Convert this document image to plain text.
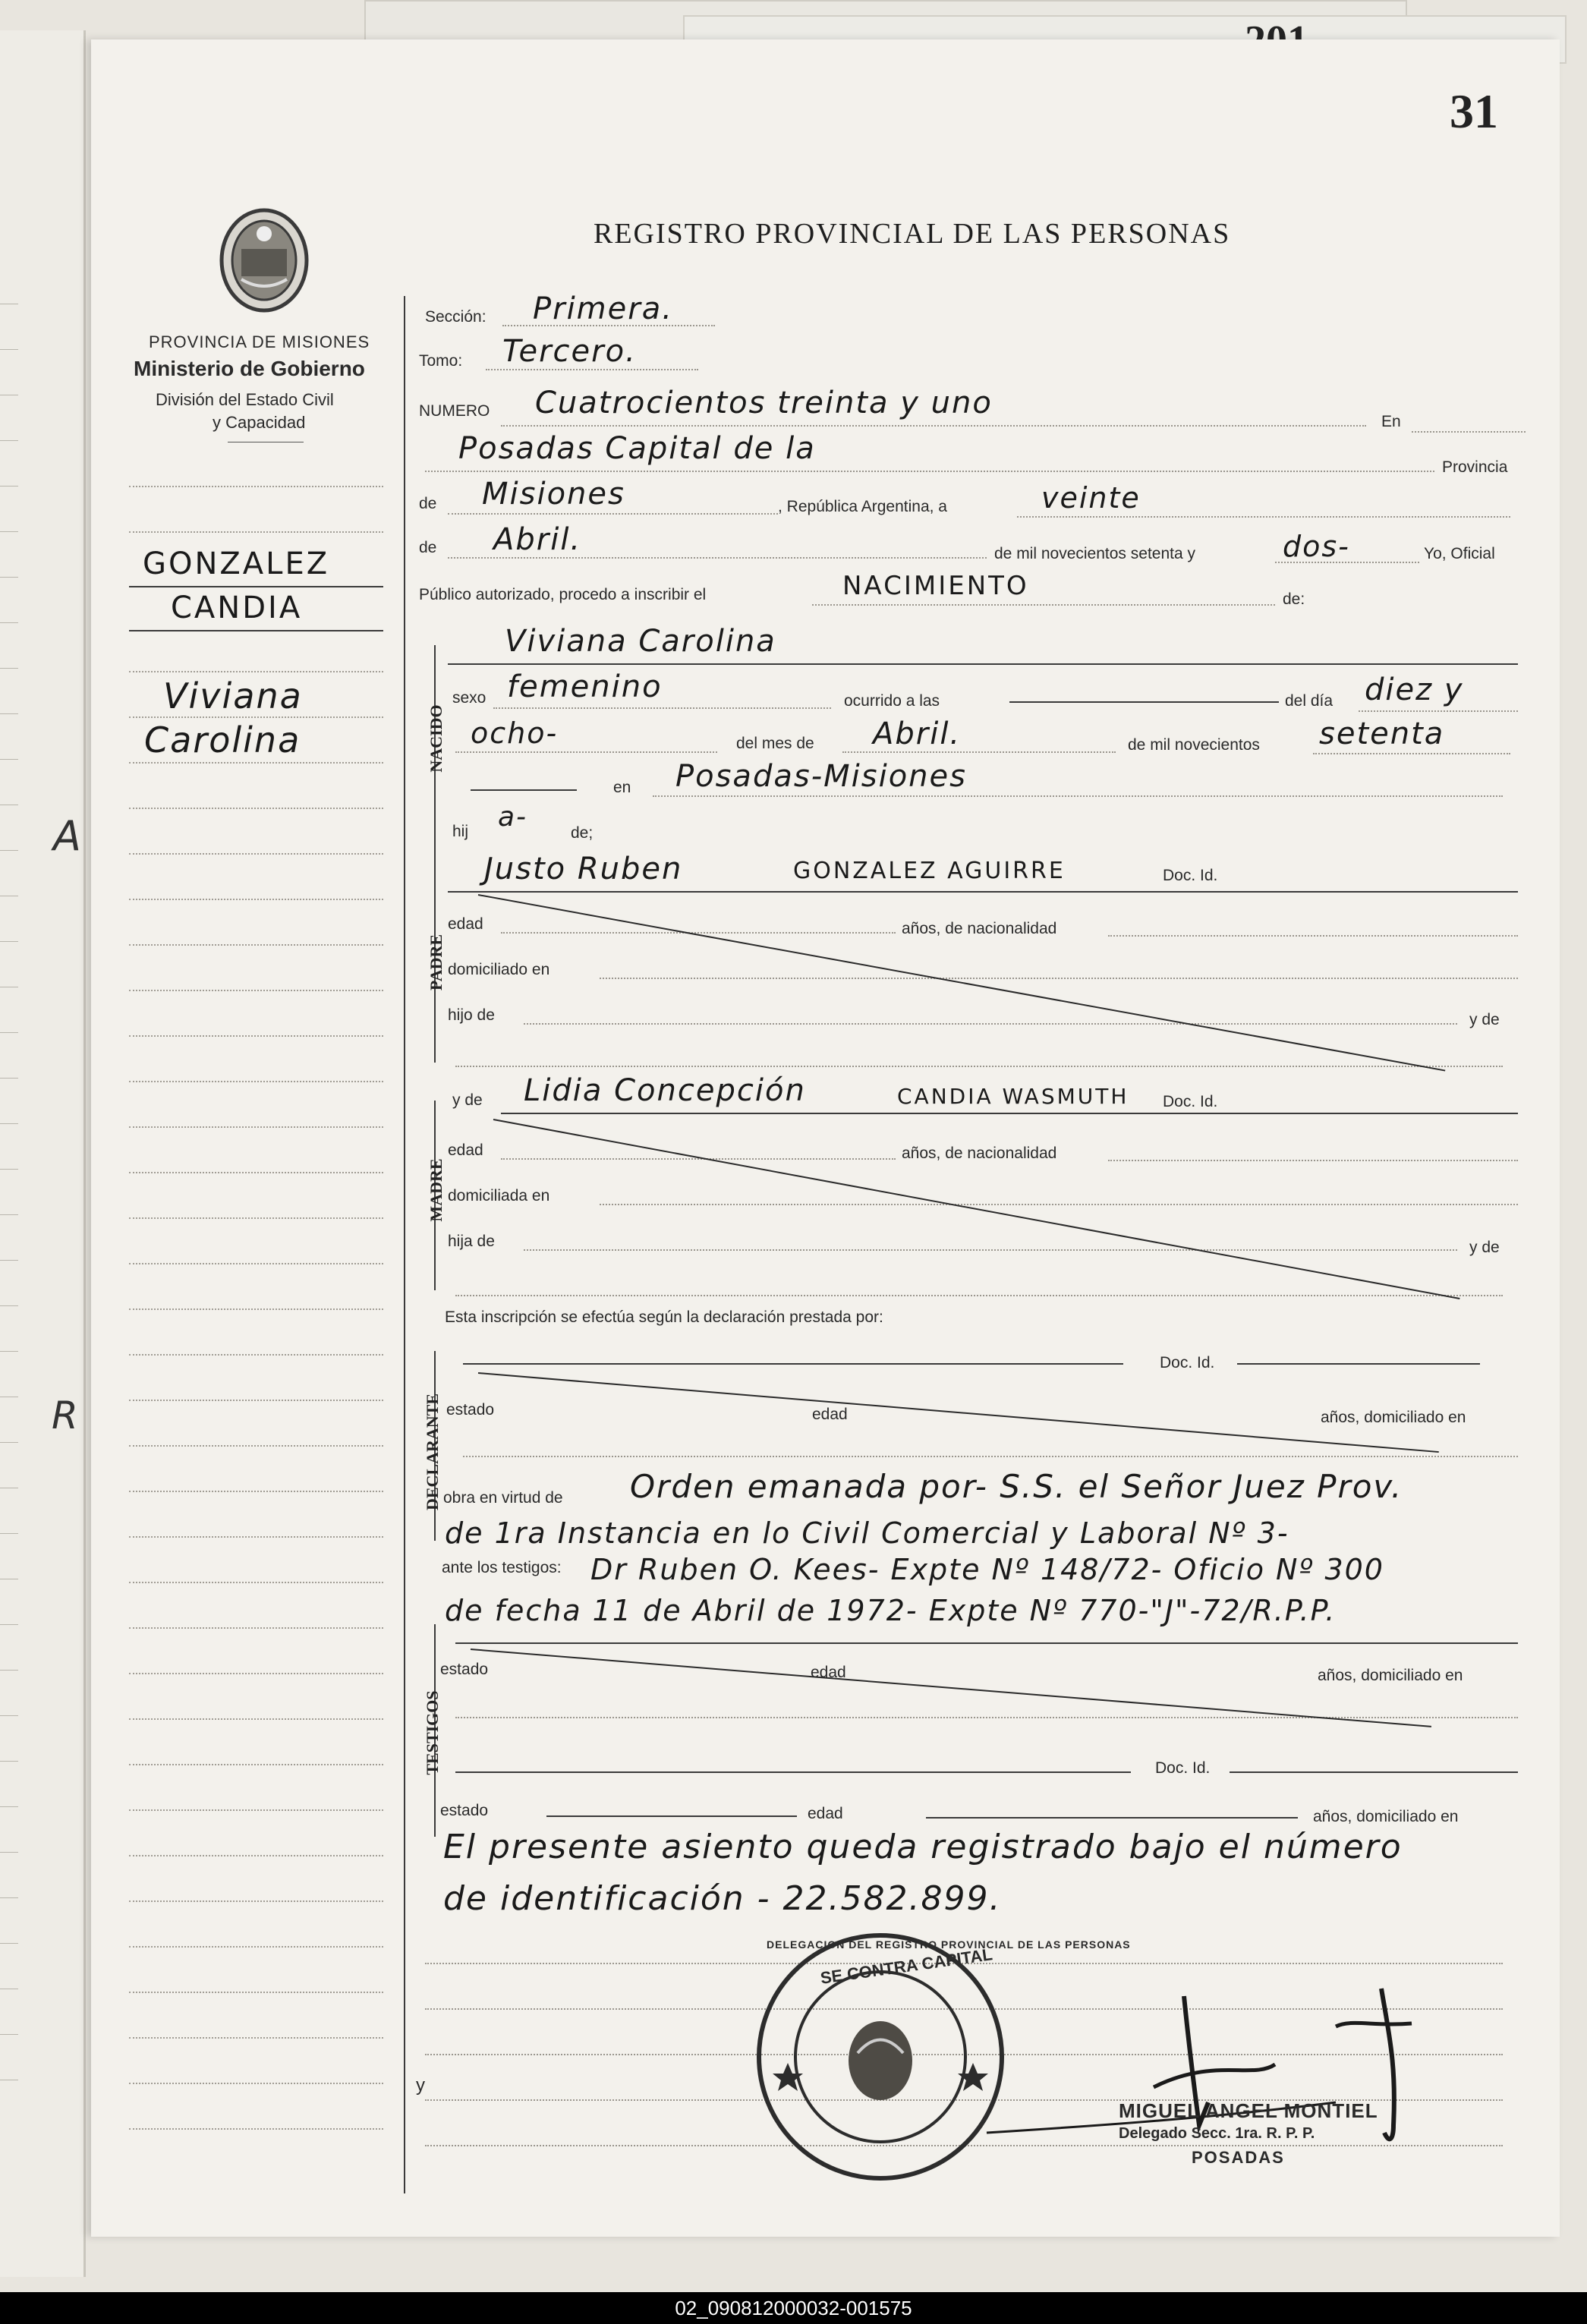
31
REGISTRO PROVINCIAL DE LAS PERSONAS
PROVINCIA DE MISIONES
Ministerio de Gobierno
División del Estado Civil
y Capacidad
GONZALEZ
CANDIA
Viviana
Carolina
A
R
Sección: Primera.
Tomo: Tercero.
NUMERO Cuatrocientos treinta y uno
En
Posadas Capital de la
Provincia
de Misiones	, República Argentina, a	veinte
de Abril.	de mil novecientos setenta y	dos-	Yo, Oficial
Público autorizado, procedo a inscribir el	NACIMIENTO	de:
NACIDO
Viviana Carolina
sexo femenino	ocurrido a las	del día diez y
ocho-	del mes de Abril.	de mil novecientos setenta
en Posadas-Misiones
hij a-
de;
PADRE
Justo Ruben	GONZALEZ AGUIRRE	Doc. Id.
edad	años, de nacionalidad
domiciliado en
hijo de	y de
MADRE
y de Lidia Concepción	CANDIA WASMUTH Doc. Id.
edad	años, de nacionalidad
domiciliada en
hija de	y de
Esta inscripción se efectúa según la declaración prestada por:
DECLARANTE
Doc. Id.
estado	edad	años, domiciliado en
obra en virtud de Orden emanada por- S.S. el Señor Juez Prov.
de 1ra Instancia en lo Civil Comercial y Laboral Nº 3-
ante los testigos: Dr Ruben O. Kees- Expte Nº 148/72- Oficio Nº 300
de fecha 11 de Abril de 1972- Expte Nº 770-"J"-72/R.P.P.
TESTIGOS
estado	edad	años, domiciliado en
Doc. Id.
estado	edad	años, domiciliado en
El presente asiento queda registrado bajo el número
de identificación - 22.582.899.
y
SE CONTRA CAPITAL
DELEGACION DEL REGISTRO PROVINCIAL DE LAS PERSONAS
MIGUEL ANGEL MONTIEL
Delegado Secc. 1ra. R. P. P.
POSADAS
02_090812000032-001575
